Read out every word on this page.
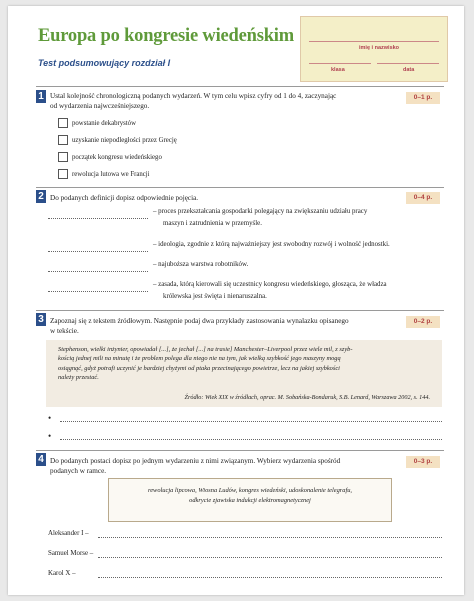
Europa po kongresie wiedeńskim
Test podsumowujący rozdział I
imię i nazwisko
klasa	data
1 Ustal kolejność chronologiczną podanych wydarzeń. W tym celu wpisz cyfry od 1 do 4, zaczynając
od wydarzenia najwcześniejszego.
0–1 p.
powstanie dekabrystów
uzyskanie niepodległości przez Grecję
początek kongresu wiedeńskiego
rewolucja lutowa we Francji
2 Do podanych definicji dopisz odpowiednie pojęcia.	0–4 p.
– proces przekształcania gospodarki polegający na zwiększaniu udziału pracy
maszyn i zatrudnienia w przemyśle.
– ideologia, zgodnie z którą najważniejszy jest swobodny rozwój i wolność jednostki.
– najuboższa warstwa robotników.
– zasada, którą kierowali się uczestnicy kongresu wiedeńskiego, głosząca, że władza
królewska jest święta i nienaruszalna.
3 Zapoznaj się z tekstem źródłowym. Następnie podaj dwa przykłady zastosowania wynalazku opisanego
w tekście.
0–2 p.
Stephenson, wielki inżynier, opowiadał [...], że jechał [...] na trasie] Manchester–Liverpool przez wiele mil, z szyb-
kością jednej mili na minutę i że problem polega dla niego nie na tym, jak wielką szybkość jego maszyny mogą
osiągnąć, gdyż potrafi uczynić je bardziej chyżymi od ptaka przecinającego powietrze, lecz na jakiej szybkości
należy przestać.
Źródło: Wiek XIX w źródłach, oprac. M. Sobańska-Bondaruk, S.B. Lenard, Warszawa 2002, s. 144.
•
•
4 Do podanych postaci dopisz po jednym wydarzeniu z nimi związanym. Wybierz wydarzenia spośród
podanych w ramce.
0–3 p.
rewolucja lipcowa, Wiosna Ludów, kongres wiedeński, udoskonalenie telegrafu,
odkrycie zjawiska indukcji elektromagnetycznej
Aleksander I –
Samuel Morse –
Karol X –
